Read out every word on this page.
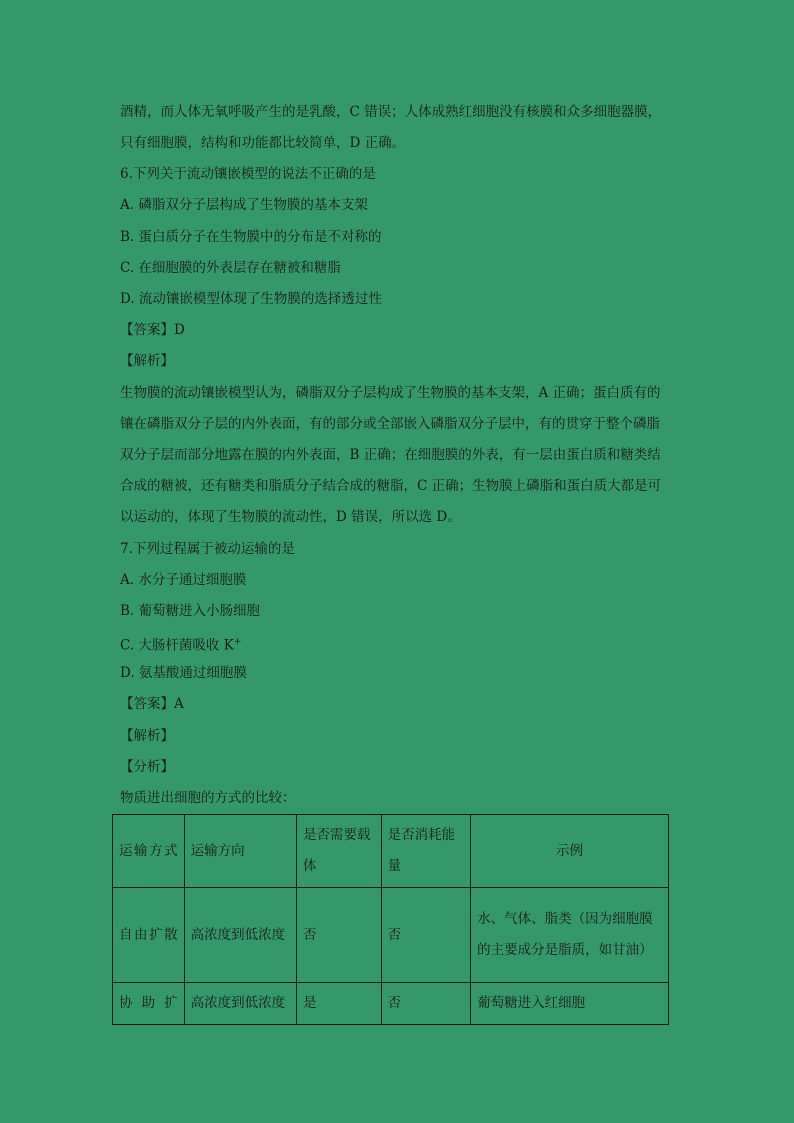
酒精，而人体无氧呼吸产生的是乳酸，C 错误；人体成熟红细胞没有核膜和众多细胞器膜，
只有细胞膜，结构和功能都比较简单，D 正确。
6.下列关于流动镶嵌模型的说法不正确的是
A. 磷脂双分子层构成了生物膜的基本支架
B. 蛋白质分子在生物膜中的分布是不对称的
C. 在细胞膜的外表层存在糖被和糖脂
D. 流动镶嵌模型体现了生物膜的选择透过性
【答案】D
【解析】
生物膜的流动镶嵌模型认为，磷脂双分子层构成了生物膜的基本支架，A 正确；蛋白质有的
镶在磷脂双分子层的内外表面，有的部分或全部嵌入磷脂双分子层中，有的贯穿于整个磷脂
双分子层而部分地露在膜的内外表面，B 正确；在细胞膜的外表，有一层由蛋白质和糖类结
合成的糖被，还有糖类和脂质分子结合成的糖脂，C 正确；生物膜上磷脂和蛋白质大都是可
以运动的，体现了生物膜的流动性，D 错误，所以选 D。
7.下列过程属于被动运输的是
A. 水分子通过细胞膜
B. 葡萄糖进入小肠细胞
C. 大肠杆菌吸收 K+
D. 氨基酸通过细胞膜
【答案】A
【解析】
【分析】
物质进出细胞的方式的比较：
运输方式	运输方向	是否需要载体	是否消耗能量	示例
自由扩散	高浓度到低浓度	否	否	水、气体、脂类（因为细胞膜的主要成分是脂质，如甘油）
协助扩	高浓度到低浓度	是	否	葡萄糖进入红细胞
